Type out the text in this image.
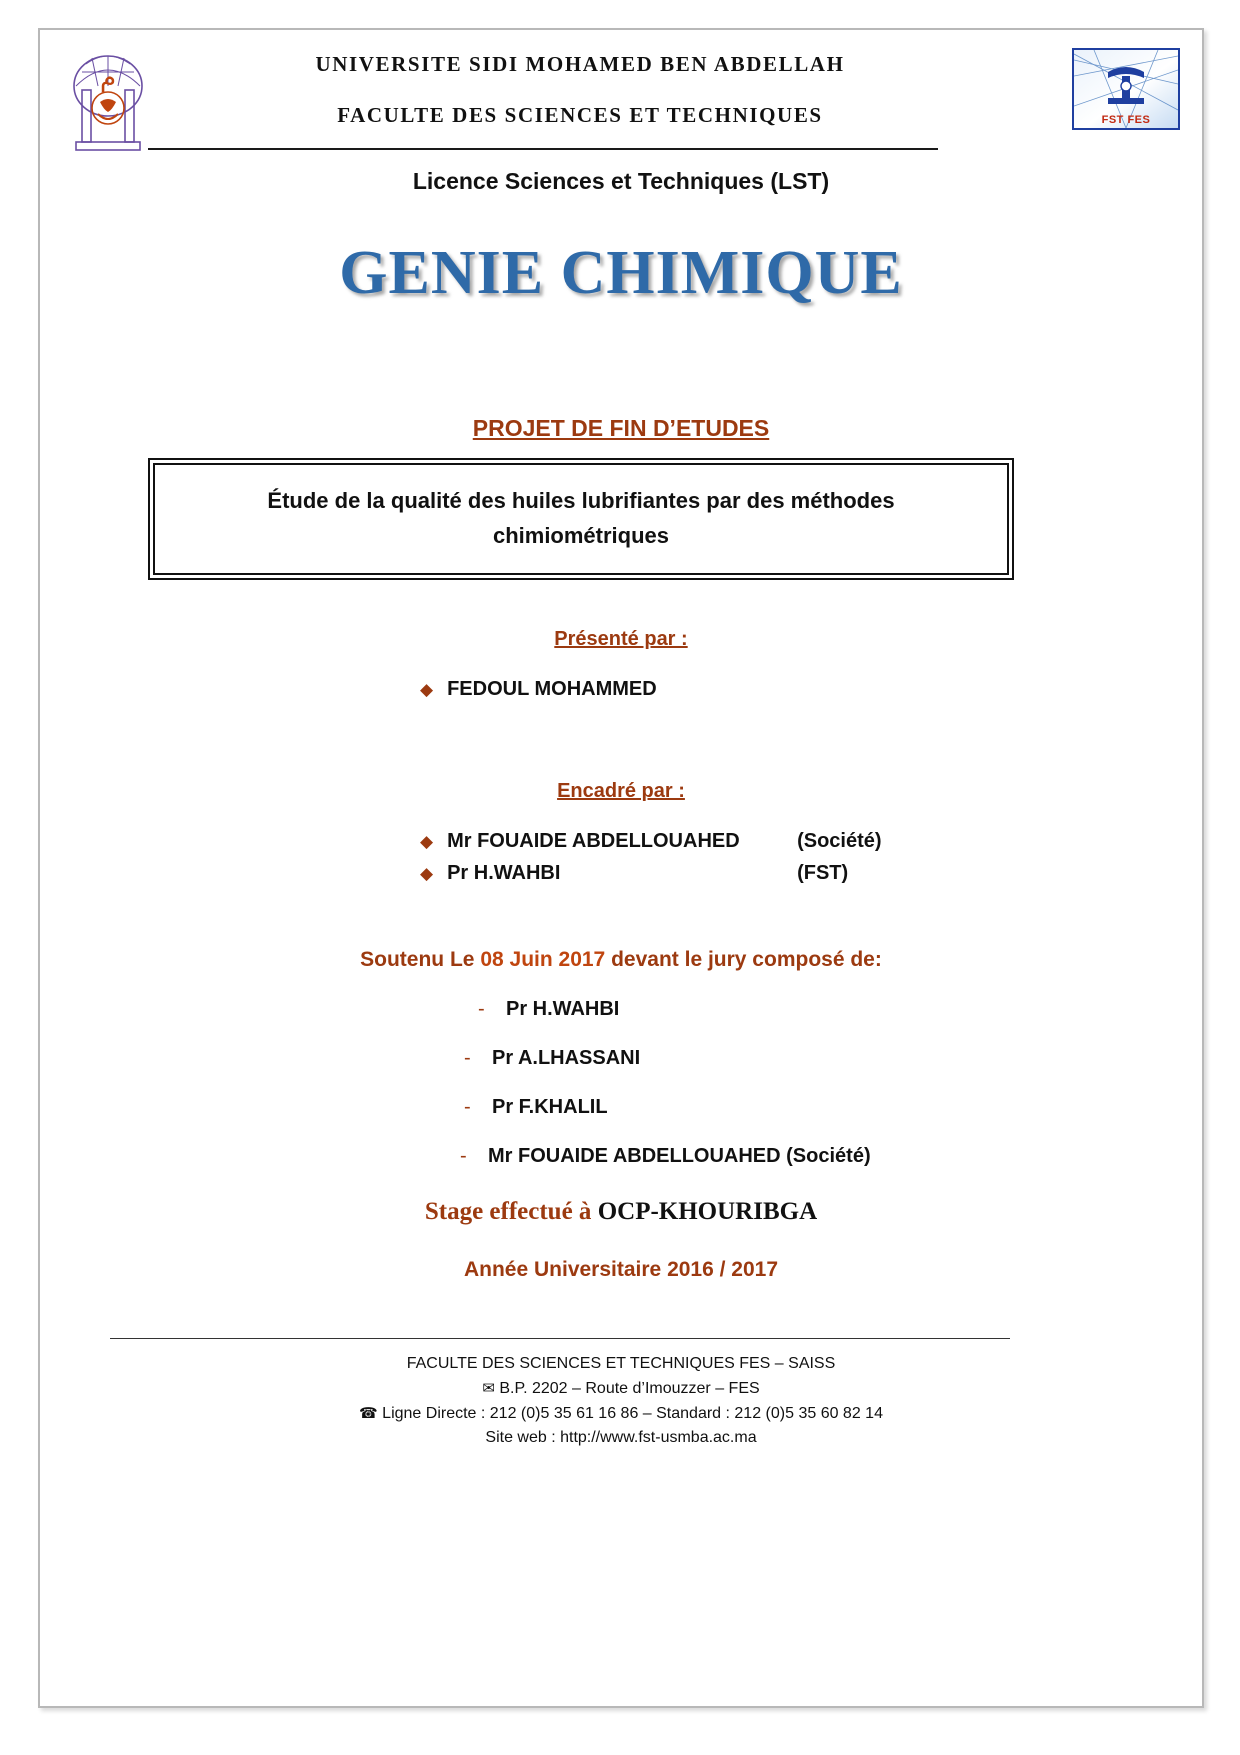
م	UNIVERSITE SIDI MOHAMED BEN ABDELLAH
FACULTE DES SCIENCES ET TECHNIQUES	FST FES
Licence Sciences et Techniques (LST)
GENIE CHIMIQUE
PROJET DE FIN D’ETUDES
Étude de la qualité des huiles lubrifiantes par des méthodes
chimiométriques
Présenté par :
◆ FEDOUL MOHAMMED
Encadré par :
◆ Mr FOUAIDE ABDELLOUAHED	(Société)
◆ Pr H.WAHBI	(FST)
Soutenu Le 08 Juin 2017 devant le jury composé de:
-	Pr H.WAHBI
-	Pr A.LHASSANI
-	Pr F.KHALIL
-	Mr FOUAIDE ABDELLOUAHED (Société)
Stage effectué à OCP-KHOURIBGA
Année Universitaire 2016 / 2017
FACULTE DES SCIENCES ET TECHNIQUES FES – SAISS
✉ B.P. 2202 – Route d’Imouzzer – FES
☎ Ligne Directe : 212 (0)5 35 61 16 86 – Standard : 212 (0)5 35 60 82 14
Site web : http://www.fst-usmba.ac.ma
